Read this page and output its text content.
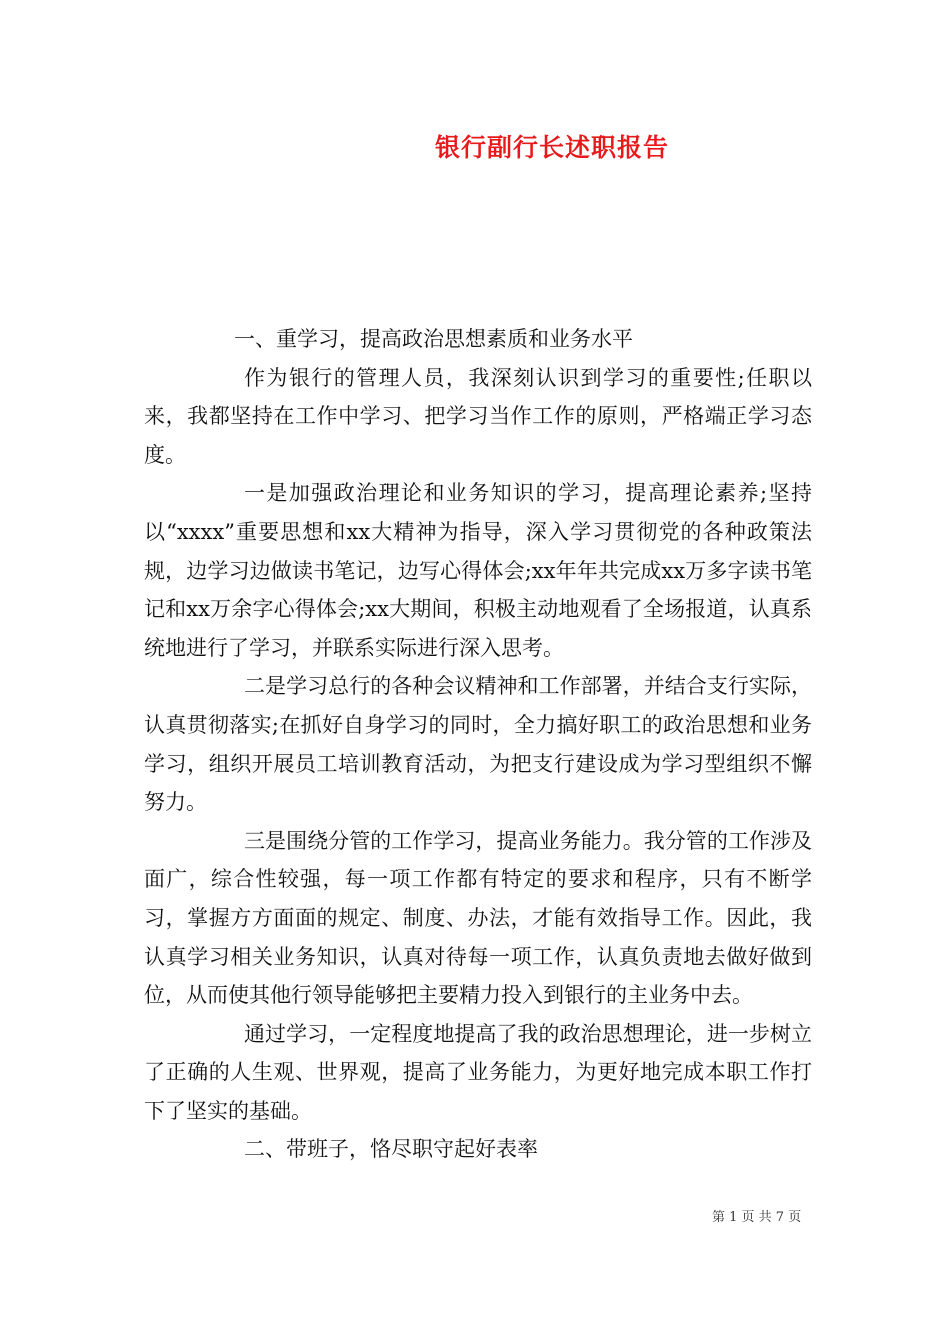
银行副行长述职报告

一、重学习，提高政治思想素质和业务水平

作为银行的管理人员，我深刻认识到学习的重要性;任职以来，我都坚持在工作中学习、把学习当作工作的原则，严格端正学习态度。

一是加强政治理论和业务知识的学习，提高理论素养;坚持以“xxxx”重要思想和xx大精神为指导，深入学习贯彻党的各种政策法规，边学习边做读书笔记，边写心得体会;xx年年共完成xx万多字读书笔记和xx万余字心得体会;xx大期间，积极主动地观看了全场报道，认真系统地进行了学习，并联系实际进行深入思考。

二是学习总行的各种会议精神和工作部署，并结合支行实际，认真贯彻落实;在抓好自身学习的同时，全力搞好职工的政治思想和业务学习，组织开展员工培训教育活动，为把支行建设成为学习型组织不懈努力。

三是围绕分管的工作学习，提高业务能力。我分管的工作涉及面广，综合性较强，每一项工作都有特定的要求和程序，只有不断学习，掌握方方面面的规定、制度、办法，才能有效指导工作。因此，我认真学习相关业务知识，认真对待每一项工作，认真负责地去做好做到位，从而使其他行领导能够把主要精力投入到银行的主业务中去。

通过学习，一定程度地提高了我的政治思想理论，进一步树立了正确的人生观、世界观，提高了业务能力，为更好地完成本职工作打下了坚实的基础。

二、带班子，恪尽职守起好表率

第 1 页 共 7 页
